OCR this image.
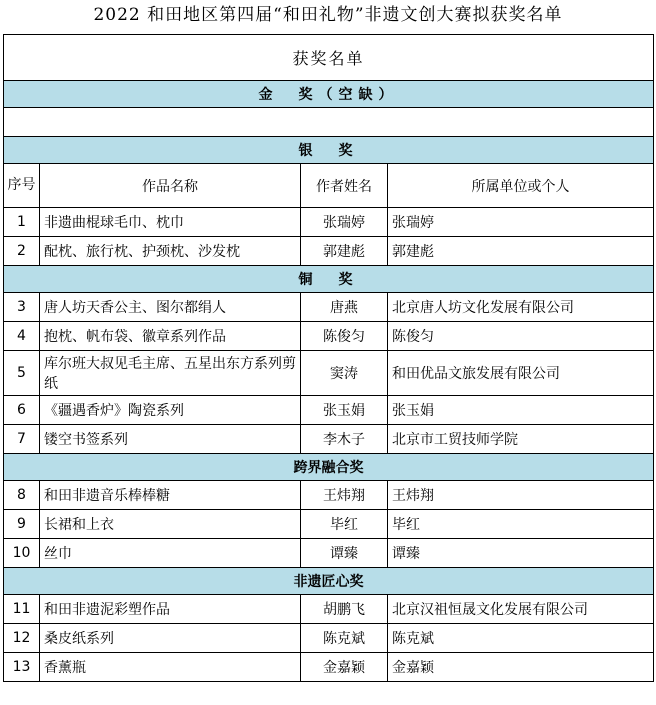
2022 和田地区第四届“和田礼物”非遗文创大赛拟获奖名单
获奖名单			
金　奖（空缺）			

银　奖			
序号	作品名称	作者姓名	所属单位或个人
1	非遗曲棍球毛巾、枕巾	张瑞婷	张瑞婷
2	配枕、旅行枕、护颈枕、沙发枕	郭建彪	郭建彪
铜　奖			
3	唐人坊天香公主、图尔都绢人	唐燕	北京唐人坊文化发展有限公司
4	抱枕、帆布袋、徽章系列作品	陈俊匀	陈俊匀
5	库尔班大叔见毛主席、五星出东方系列剪纸	窦涛	和田优品文旅发展有限公司
6	《疆遇香炉》陶瓷系列	张玉娟	张玉娟
7	镂空书签系列	李木子	北京市工贸技师学院
跨界融合奖			
8	和田非遗音乐棒棒糖	王炜翔	王炜翔
9	长裙和上衣	毕红	毕红
10	丝巾	谭臻	谭臻
非遗匠心奖			
11	和田非遗泥彩塑作品	胡鹏飞	北京汉祖恒晟文化发展有限公司
12	桑皮纸系列	陈克斌	陈克斌
13	香薰瓶	金嘉颖	金嘉颖
